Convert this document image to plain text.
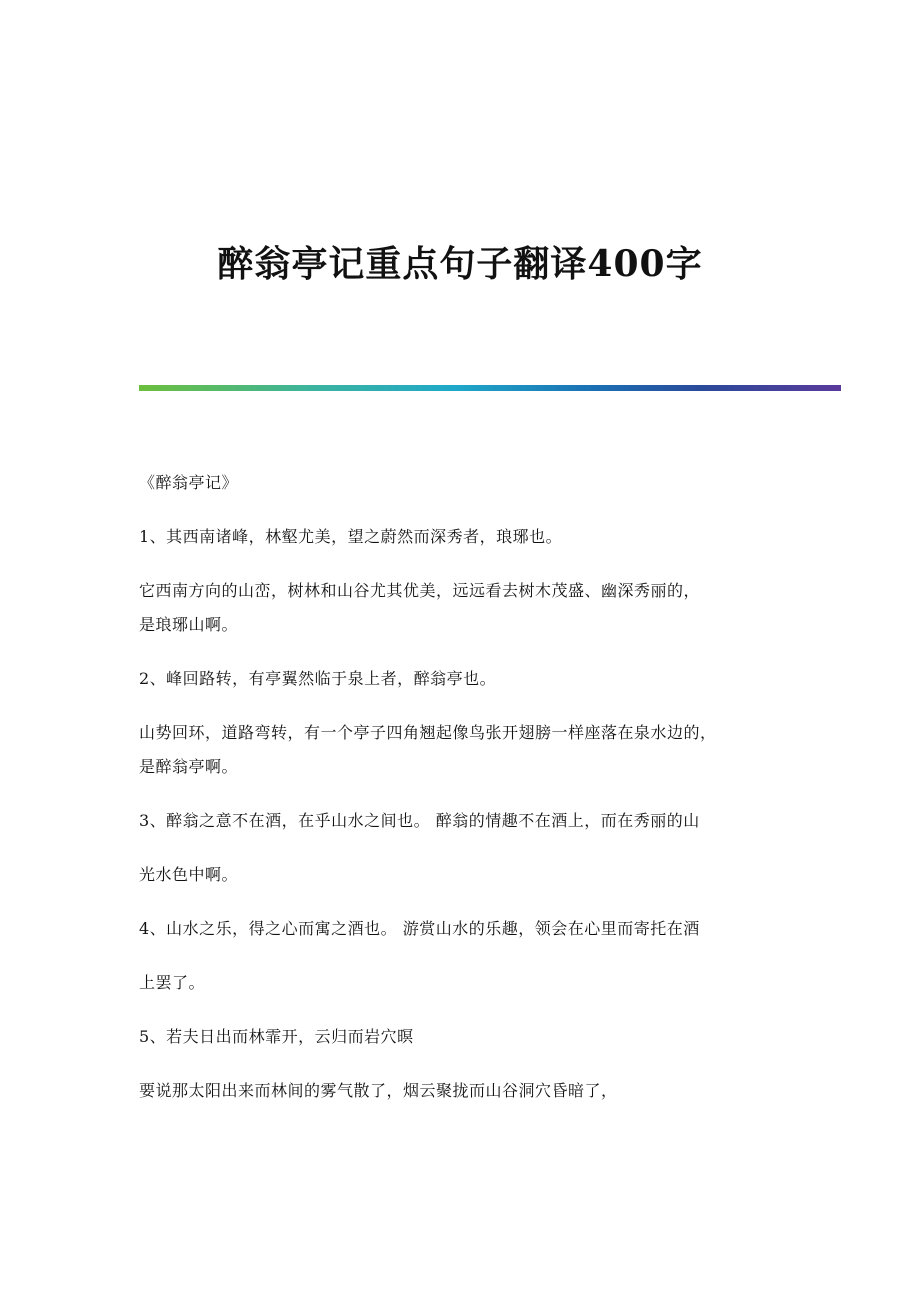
醉翁亭记重点句子翻译400字
《醉翁亭记》
1、其西南诸峰，林壑尤美，望之蔚然而深秀者，琅琊也。
它西南方向的山峦，树林和山谷尤其优美，远远看去树木茂盛、幽深秀丽的，
是琅琊山啊。
2、峰回路转，有亭翼然临于泉上者，醉翁亭也。
山势回环，道路弯转，有一个亭子四角翘起像鸟张开翅膀一样座落在泉水边的，
是醉翁亭啊。
3、醉翁之意不在酒，在乎山水之间也。 醉翁的情趣不在酒上，而在秀丽的山
光水色中啊。
4、山水之乐，得之心而寓之酒也。 游赏山水的乐趣，领会在心里而寄托在酒
上罢了。
5、若夫日出而林霏开，云归而岩穴暝
要说那太阳出来而林间的雾气散了，烟云聚拢而山谷洞穴昏暗了，
